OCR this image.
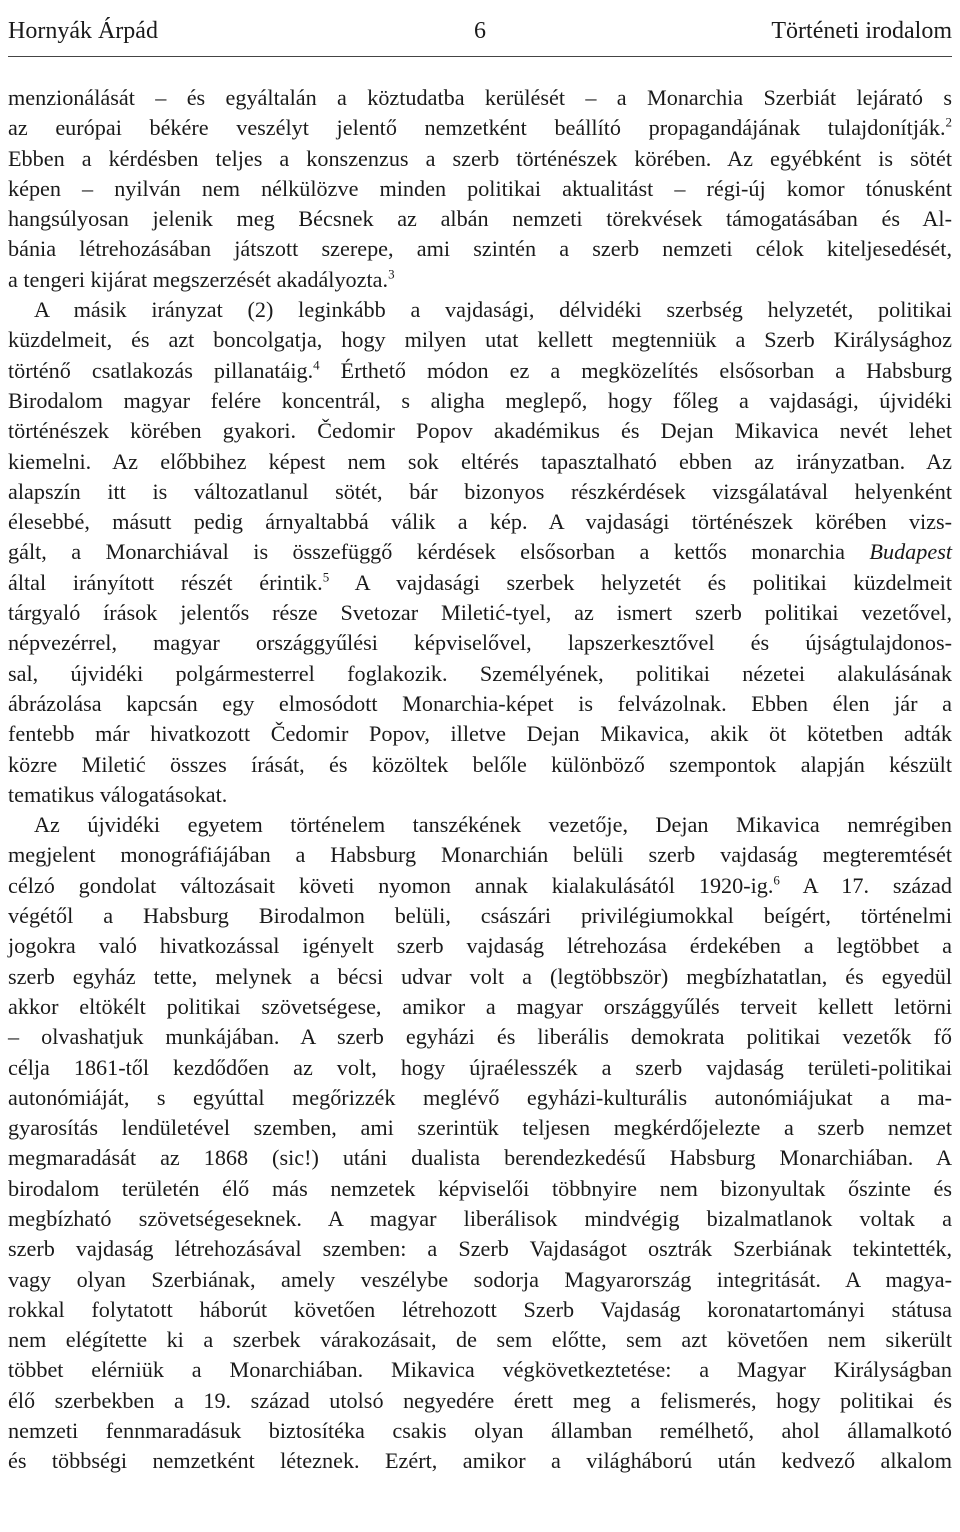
Hornyák Árpád	6	Történeti irodalom

menzionálását – és egyáltalán a köztudatba kerülését – a Monarchia Szerbiát lejárató s

az európai békére veszélyt jelentő nemzetként beállító propagandájának tulajdonítják.$^2$

Ebben a kérdésben teljes a konszenzus a szerb történészek körében. Az egyébként is sötét

képen – nyilván nem nélkülözve minden politikai aktualitást – régi-új komor tónusként

hangsúlyosan jelenik meg Bécsnek az albán nemzeti törekvések támogatásában és Al-

bánia létrehozásában játszott szerepe, ami szintén a szerb nemzeti célok kiteljesedését,

a tengeri kijárat megszerzését akadályozta.$^3$

A másik irányzat (2) leginkább a vajdasági, délvidéki szerbség helyzetét, politikai

küzdelmeit, és azt boncolgatja, hogy milyen utat kellett megtenniük a Szerb Királysághoz

történő csatlakozás pillanatáig.$^4$ Érthető módon ez a megközelítés elsősorban a Habsburg

Birodalom magyar felére koncentrál, s aligha meglepő, hogy főleg a vajdasági, újvidéki

történészek körében gyakori. Čedomir Popov akadémikus és Dejan Mikavica nevét lehet

kiemelni. Az előbbihez képest nem sok eltérés tapasztalható ebben az irányzatban. Az

alapszín itt is változatlanul sötét, bár bizonyos részkérdések vizsgálatával helyenként

élesebbé, másutt pedig árnyaltabbá válik a kép. A vajdasági történészek körében vizs-

gált, a Monarchiával is összefüggő kérdések elsősorban a kettős monarchia Budapest

által irányított részét érintik.$^5$ A vajdasági szerbek helyzetét és politikai küzdelmeit

tárgyaló írások jelentős része Svetozar Miletić-tyel, az ismert szerb politikai vezetővel,

népvezérrel, magyar országgyűlési képviselővel, lapszerkesztővel és újságtulajdonos-

sal, újvidéki polgármesterrel foglakozik. Személyének, politikai nézetei alakulásának

ábrázolása kapcsán egy elmosódott Monarchia-képet is felvázolnak. Ebben élen jár a

fentebb már hivatkozott Čedomir Popov, illetve Dejan Mikavica, akik öt kötetben adták

közre Miletić összes írását, és közöltek belőle különböző szempontok alapján készült

tematikus válogatásokat.

Az újvidéki egyetem történelem tanszékének vezetője, Dejan Mikavica nemrégiben

megjelent monográfiájában a Habsburg Monarchián belüli szerb vajdaság megteremtését

célzó gondolat változásait követi nyomon annak kialakulásától 1920-ig.$^6$ A 17. század

végétől a Habsburg Birodalmon belüli, császári privilégiumokkal beígért, történelmi

jogokra való hivatkozással igényelt szerb vajdaság létrehozása érdekében a legtöbbet a

szerb egyház tette, melynek a bécsi udvar volt a (legtöbbször) megbízhatatlan, és egyedül

akkor eltökélt politikai szövetségese, amikor a magyar országgyűlés terveit kellett letörni

– olvashatjuk munkájában. A szerb egyházi és liberális demokrata politikai vezetők fő

célja 1861-től kezdődően az volt, hogy újraélesszék a szerb vajdaság területi-politikai

autonómiáját, s egyúttal megőrizzék meglévő egyházi-kulturális autonómiájukat a ma-

gyarosítás lendületével szemben, ami szerintük teljesen megkérdőjelezte a szerb nemzet

megmaradását az 1868 (sic!) utáni dualista berendezkedésű Habsburg Monarchiában. A

birodalom területén élő más nemzetek képviselői többnyire nem bizonyultak őszinte és

megbízható szövetségeseknek. A magyar liberálisok mindvégig bizalmatlanok voltak a

szerb vajdaság létrehozásával szemben: a Szerb Vajdaságot osztrák Szerbiának tekintették,

vagy olyan Szerbiának, amely veszélybe sodorja Magyarország integritását. A magya-

rokkal folytatott háborút követően létrehozott Szerb Vajdaság koronatartományi státusa

nem elégítette ki a szerbek várakozásait, de sem előtte, sem azt követően nem sikerült

többet elérniük a Monarchiában. Mikavica végkövetkeztetése: a Magyar Királyságban

élő szerbekben a 19. század utolsó negyedére érett meg a felismerés, hogy politikai és

nemzeti fennmaradásuk biztosítéka csakis olyan államban remélhető, ahol államalkotó

és többségi nemzetként léteznek. Ezért, amikor a világháború után kedvező alkalom
